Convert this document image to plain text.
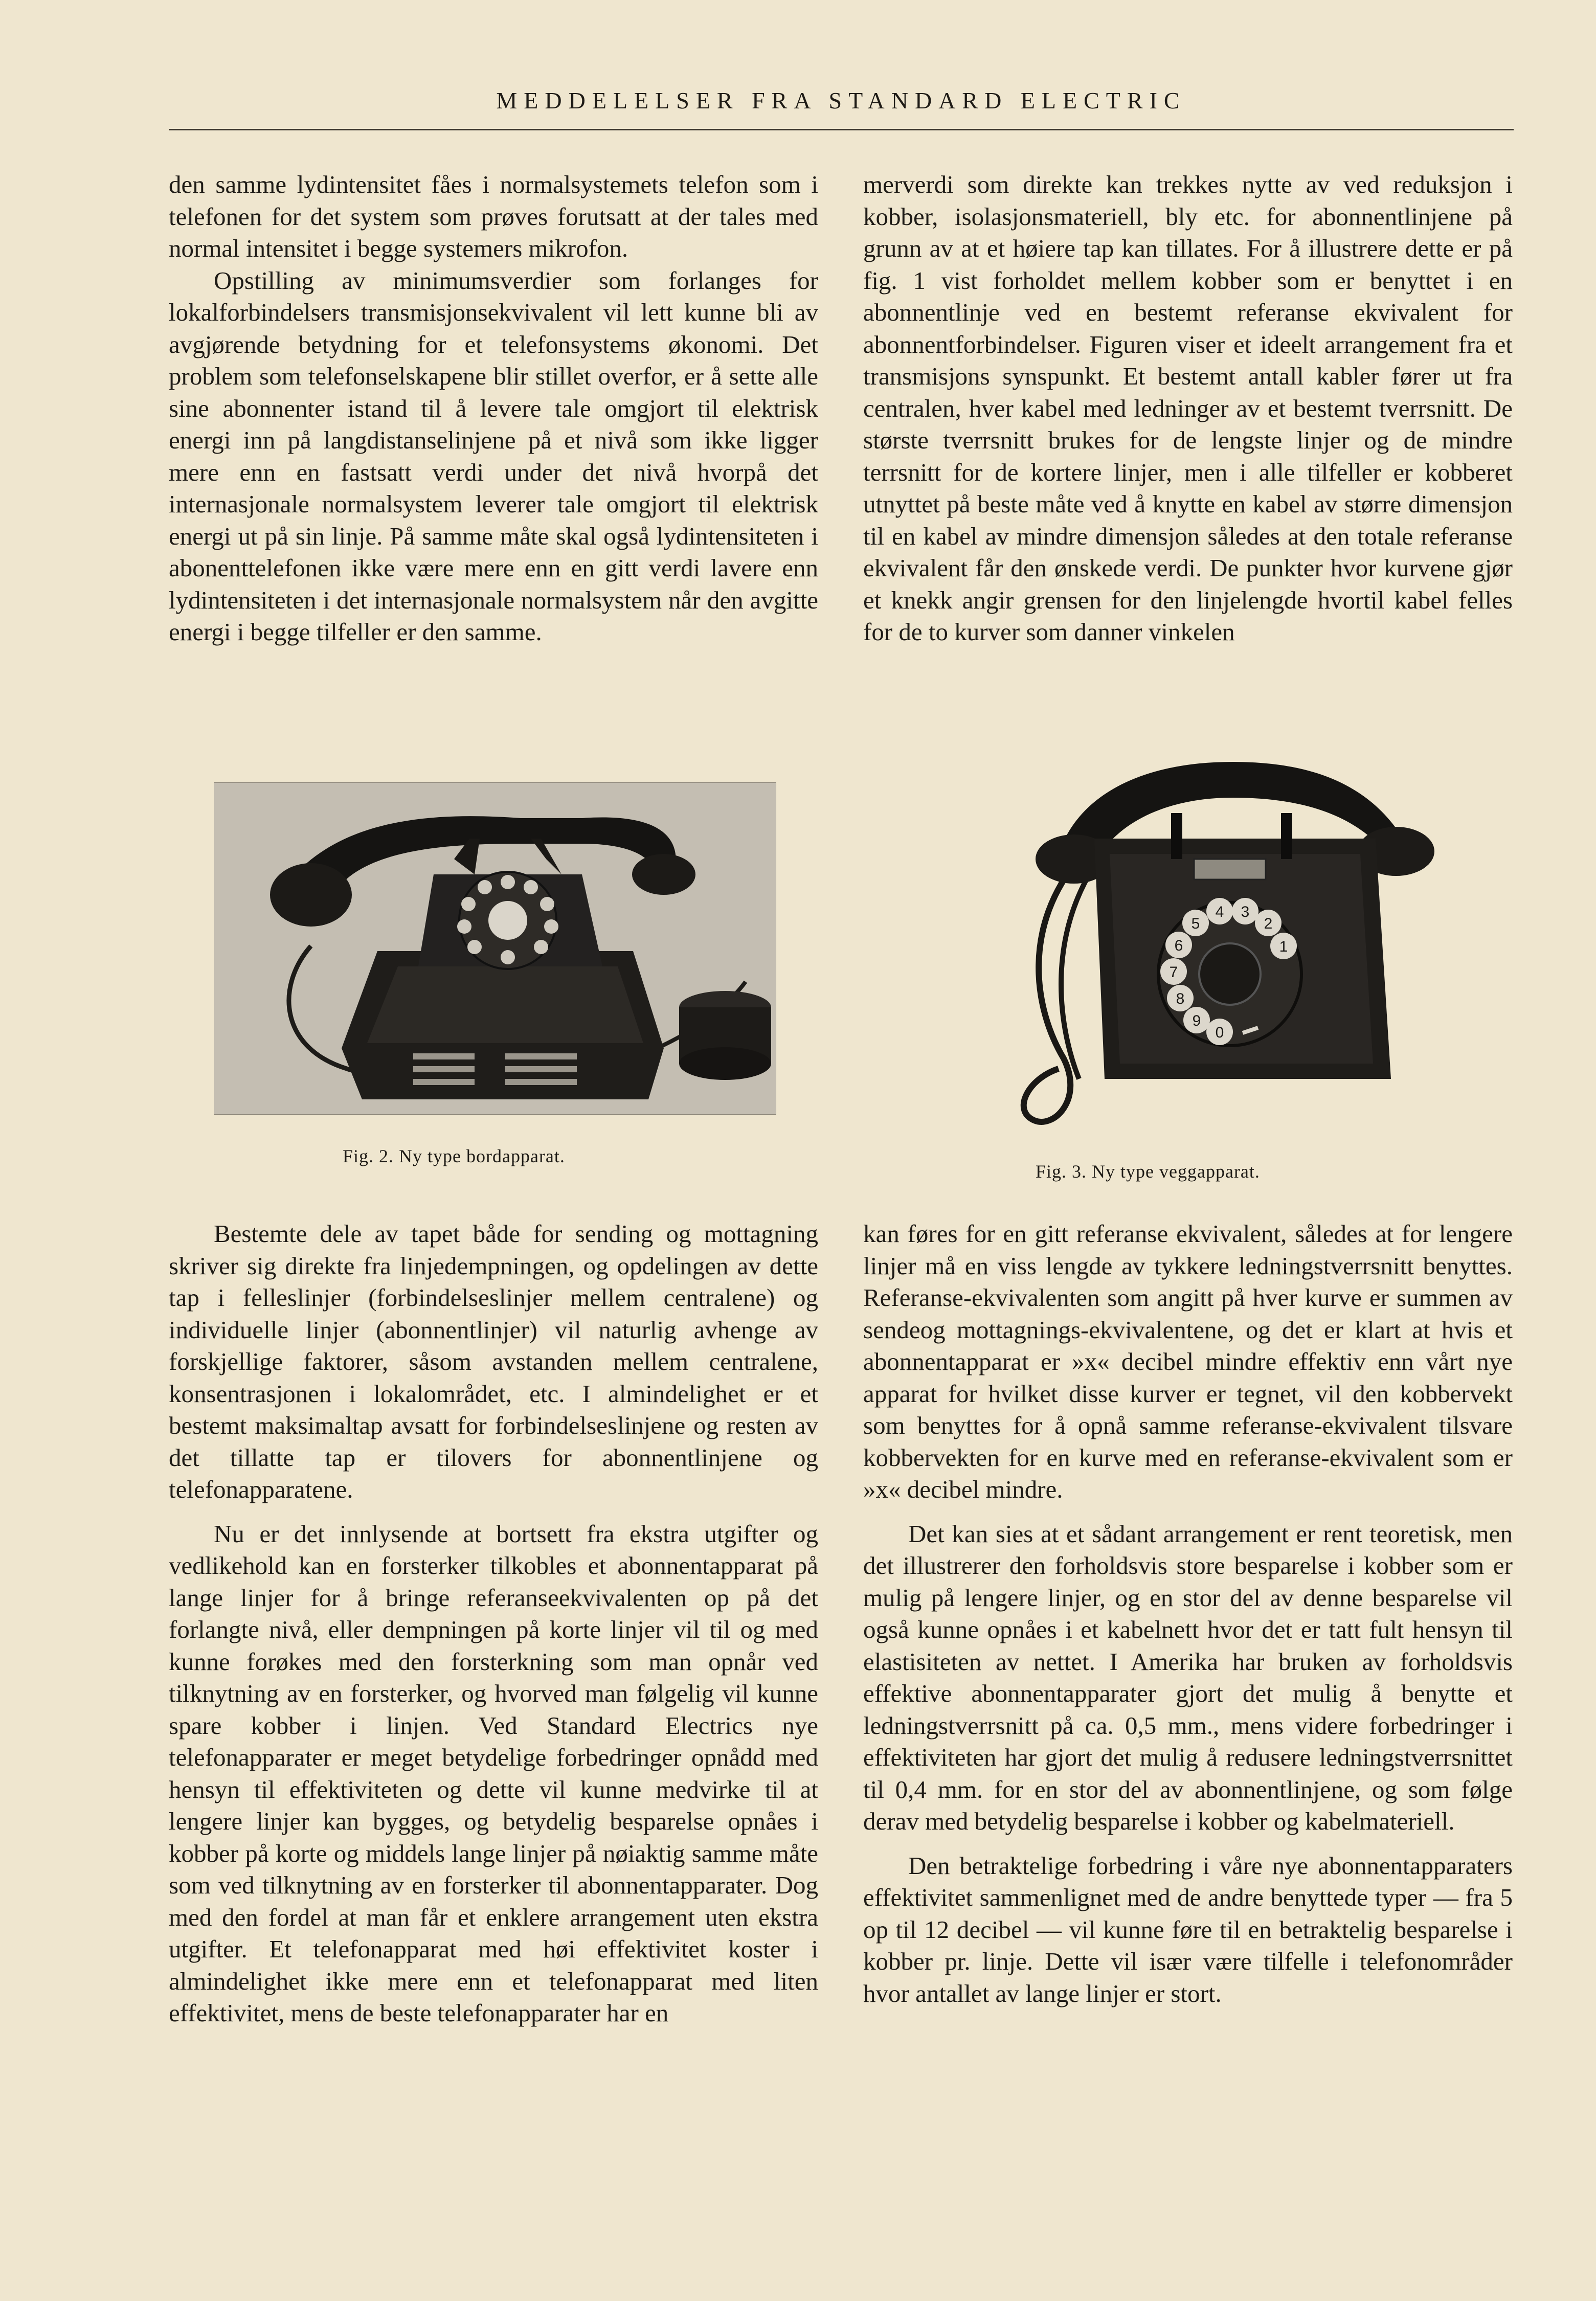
MEDDELELSER FRA STANDARD ELECTRIC

den samme lydintensitet fåes i normalsystemets telefon som i telefonen for det system som prøves forutsatt at der tales med normal intensitet i begge systemers mikrofon.

Opstilling av minimumsverdier som forlanges for lokalforbindelsers transmisjonsekvivalent vil lett kunne bli av avgjørende betydning for et telefonsystems økonomi. Det problem som telefonselskapene blir stillet overfor, er å sette alle sine abonnenter istand til å levere tale omgjort til elektrisk energi inn på langdistanselinjene på et nivå som ikke ligger mere enn en fastsatt verdi under det nivå hvorpå det internasjonale normalsystem leverer tale omgjort til elektrisk energi ut på sin linje. På samme måte skal også lydintensiteten i abonenttelefonen ikke være mere enn en gitt verdi lavere enn lydintensiteten i det internasjonale normalsystem når den avgitte energi i begge tilfeller er den samme.

merverdi som direkte kan trekkes nytte av ved reduksjon i kobber, isolasjonsmateriell, bly etc. for abonnentlinjene på grunn av at et høiere tap kan tillates. For å illustrere dette er på fig. 1 vist forholdet mellem kobber som er benyttet i en abonnentlinje ved en bestemt referanse ekvivalent for abonnentforbindelser. Figuren viser et ideelt arrangement fra et transmisjons synspunkt. Et bestemt antall kabler fører ut fra centralen, hver kabel med ledninger av et bestemt tverrsnitt. De største tverrsnitt brukes for de lengste linjer og de mindre terrsnitt for de kortere linjer, men i alle tilfeller er kobberet utnyttet på beste måte ved å knytte en kabel av større dimensjon til en kabel av mindre dimensjon således at den totale referanse ekvivalent får den ønskede verdi. De punkter hvor kurvene gjør et knekk angir grensen for den linjelengde hvortil kabel felles for de to kurver som danner vinkelen

Fig. 2. Ny type bordapparat.
1
2
3
4
5
6
7
8
9
0
Fig. 3. Ny type veggapparat.

Bestemte dele av tapet både for sending og mottagning skriver sig direkte fra linjedempningen, og opdelingen av dette tap i felleslinjer (forbindelseslinjer mellem centralene) og individuelle linjer (abonnentlinjer) vil naturlig avhenge av forskjellige faktorer, såsom avstanden mellem centralene, konsentrasjonen i lokalområdet, etc. I almindelighet er et bestemt maksimaltap avsatt for forbindelseslinjene og resten av det tillatte tap er tilovers for abonnentlinjene og telefonapparatene.

Nu er det innlysende at bortsett fra ekstra utgifter og vedlikehold kan en forsterker tilkobles et abonnentapparat på lange linjer for å bringe referanseekvivalenten op på det forlangte nivå, eller dempningen på korte linjer vil til og med kunne forøkes med den forsterkning som man opnår ved tilknytning av en forsterker, og hvorved man følgelig vil kunne spare kobber i linjen. Ved Standard Electrics nye telefonapparater er meget betydelige forbedringer opnådd med hensyn til effektiviteten og dette vil kunne medvirke til at lengere linjer kan bygges, og betydelig besparelse opnåes i kobber på korte og middels lange linjer på nøiaktig samme måte som ved tilknytning av en forsterker til abonnentapparater. Dog med den fordel at man får et enklere arrangement uten ekstra utgifter. Et telefonapparat med høi effektivitet koster i almindelighet ikke mere enn et telefonapparat med liten effektivitet, mens de beste telefonapparater har en

kan føres for en gitt referanse ekvivalent, således at for lengere linjer må en viss lengde av tykkere ledningstverrsnitt benyttes. Referanse-ekvivalenten som angitt på hver kurve er summen av sendeog mottagnings-ekvivalentene, og det er klart at hvis et abonnentapparat er »x« decibel mindre effektiv enn vårt nye apparat for hvilket disse kurver er tegnet, vil den kobbervekt som benyttes for å opnå samme referanse-ekvivalent tilsvare kobbervekten for en kurve med en referanse-ekvivalent som er »x« decibel mindre.

Det kan sies at et sådant arrangement er rent teoretisk, men det illustrerer den forholdsvis store besparelse i kobber som er mulig på lengere linjer, og en stor del av denne besparelse vil også kunne opnåes i et kabelnett hvor det er tatt fult hensyn til elastisiteten av nettet. I Amerika har bruken av forholdsvis effektive abonnentapparater gjort det mulig å benytte et ledningstverrsnitt på ca. 0,5 mm., mens videre forbedringer i effektiviteten har gjort det mulig å redusere ledningstverrsnittet til 0,4 mm. for en stor del av abonnentlinjene, og som følge derav med betydelig besparelse i kobber og kabelmateriell.

Den betraktelige forbedring i våre nye abonnentapparaters effektivitet sammenlignet med de andre benyttede typer — fra 5 op til 12 decibel — vil kunne føre til en betraktelig besparelse i kobber pr. linje. Dette vil især være tilfelle i telefonområder hvor antallet av lange linjer er stort.
